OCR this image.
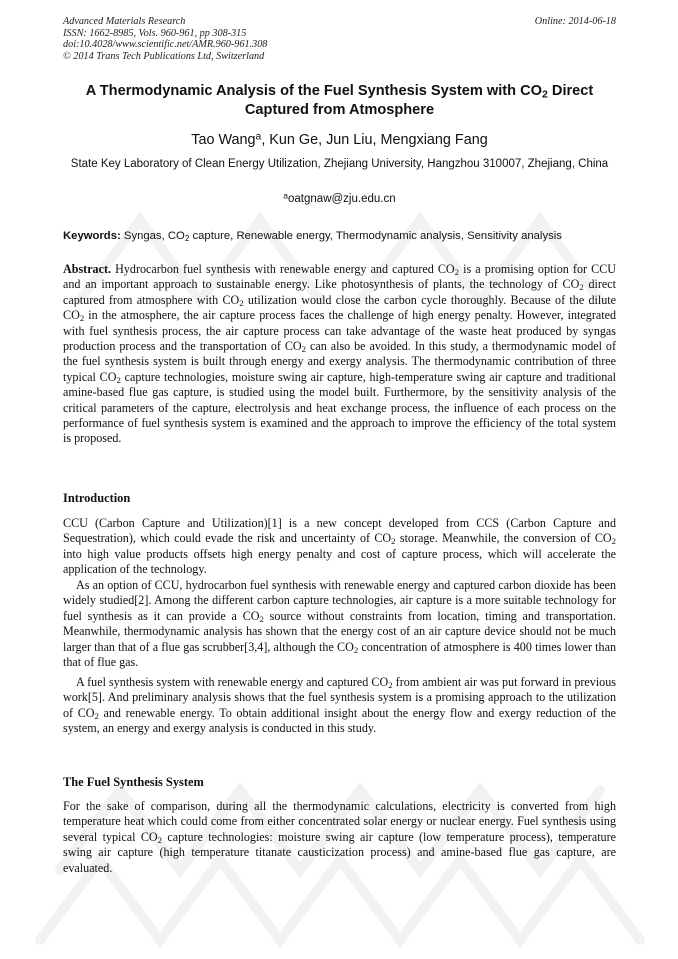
Advanced Materials Research
ISSN: 1662-8985, Vols. 960-961, pp 308-315
doi:10.4028/www.scientific.net/AMR.960-961.308
© 2014 Trans Tech Publications Ltd, Switzerland
Online: 2014-06-18
A Thermodynamic Analysis of the Fuel Synthesis System with $CO_2$ Direct
Captured from Atmosphere
Tao Wang$^a$, Kun Ge, Jun Liu, Mengxiang Fang
State Key Laboratory of Clean Energy Utilization, Zhejiang University, Hangzhou 310007, Zhejiang, China
$^a$oatgnaw@zju.edu.cn
Keywords: Syngas, $CO_2$ capture, Renewable energy, Thermodynamic analysis, Sensitivity analysis
Abstract. Hydrocarbon fuel synthesis with renewable energy and captured $CO_2$ is a promising option for CCU and an important approach to sustainable energy. Like photosynthesis of plants, the technology of $CO_2$ direct captured from atmosphere with $CO_2$ utilization would close the carbon cycle thoroughly. Because of the dilute $CO_2$ in the atmosphere, the air capture process faces the challenge of high energy penalty. However, integrated with fuel synthesis process, the air capture process can take advantage of the waste heat produced by syngas production process and the transportation of $CO_2$ can also be avoided. In this study, a thermodynamic model of the fuel synthesis system is built through energy and exergy analysis. The thermodynamic contribution of three typical $CO_2$ capture technologies, moisture swing air capture, high-temperature swing air capture and traditional amine-based flue gas capture, is studied using the model built. Furthermore, by the sensitivity analysis of the critical parameters of the capture, electrolysis and heat exchange process, the influence of each process on the performance of fuel synthesis system is examined and the approach to improve the efficiency of the total system is proposed.
Introduction
CCU (Carbon Capture and Utilization)[1] is a new concept developed from CCS (Carbon Capture and Sequestration), which could evade the risk and uncertainty of $CO_2$ storage. Meanwhile, the conversion of $CO_2$ into high value products offsets high energy penalty and cost of capture process, which will accelerate the application of the technology.
As an option of CCU, hydrocarbon fuel synthesis with renewable energy and captured carbon dioxide has been widely studied[2]. Among the different carbon capture technologies, air capture is a more suitable technology for fuel synthesis as it can provide a $CO_2$ source without constraints from location, timing and transportation. Meanwhile, thermodynamic analysis has shown that the energy cost of an air capture device should not be much larger than that of a flue gas scrubber[3,4], although the $CO_2$ concentration of atmosphere is 400 times lower than that of flue gas.
A fuel synthesis system with renewable energy and captured $CO_2$ from ambient air was put forward in previous work[5]. And preliminary analysis shows that the fuel synthesis system is a promising approach to the utilization of $CO_2$ and renewable energy. To obtain additional insight about the energy flow and exergy reduction of the system, an energy and exergy analysis is conducted in this study.
The Fuel Synthesis System
For the sake of comparison, during all the thermodynamic calculations, electricity is converted from high temperature heat which could come from either concentrated solar energy or nuclear energy. Fuel synthesis using several typical $CO_2$ capture technologies: moisture swing air capture (low temperature process), temperature swing air capture (high temperature titanate causticization process) and amine-based flue gas capture, are evaluated.
